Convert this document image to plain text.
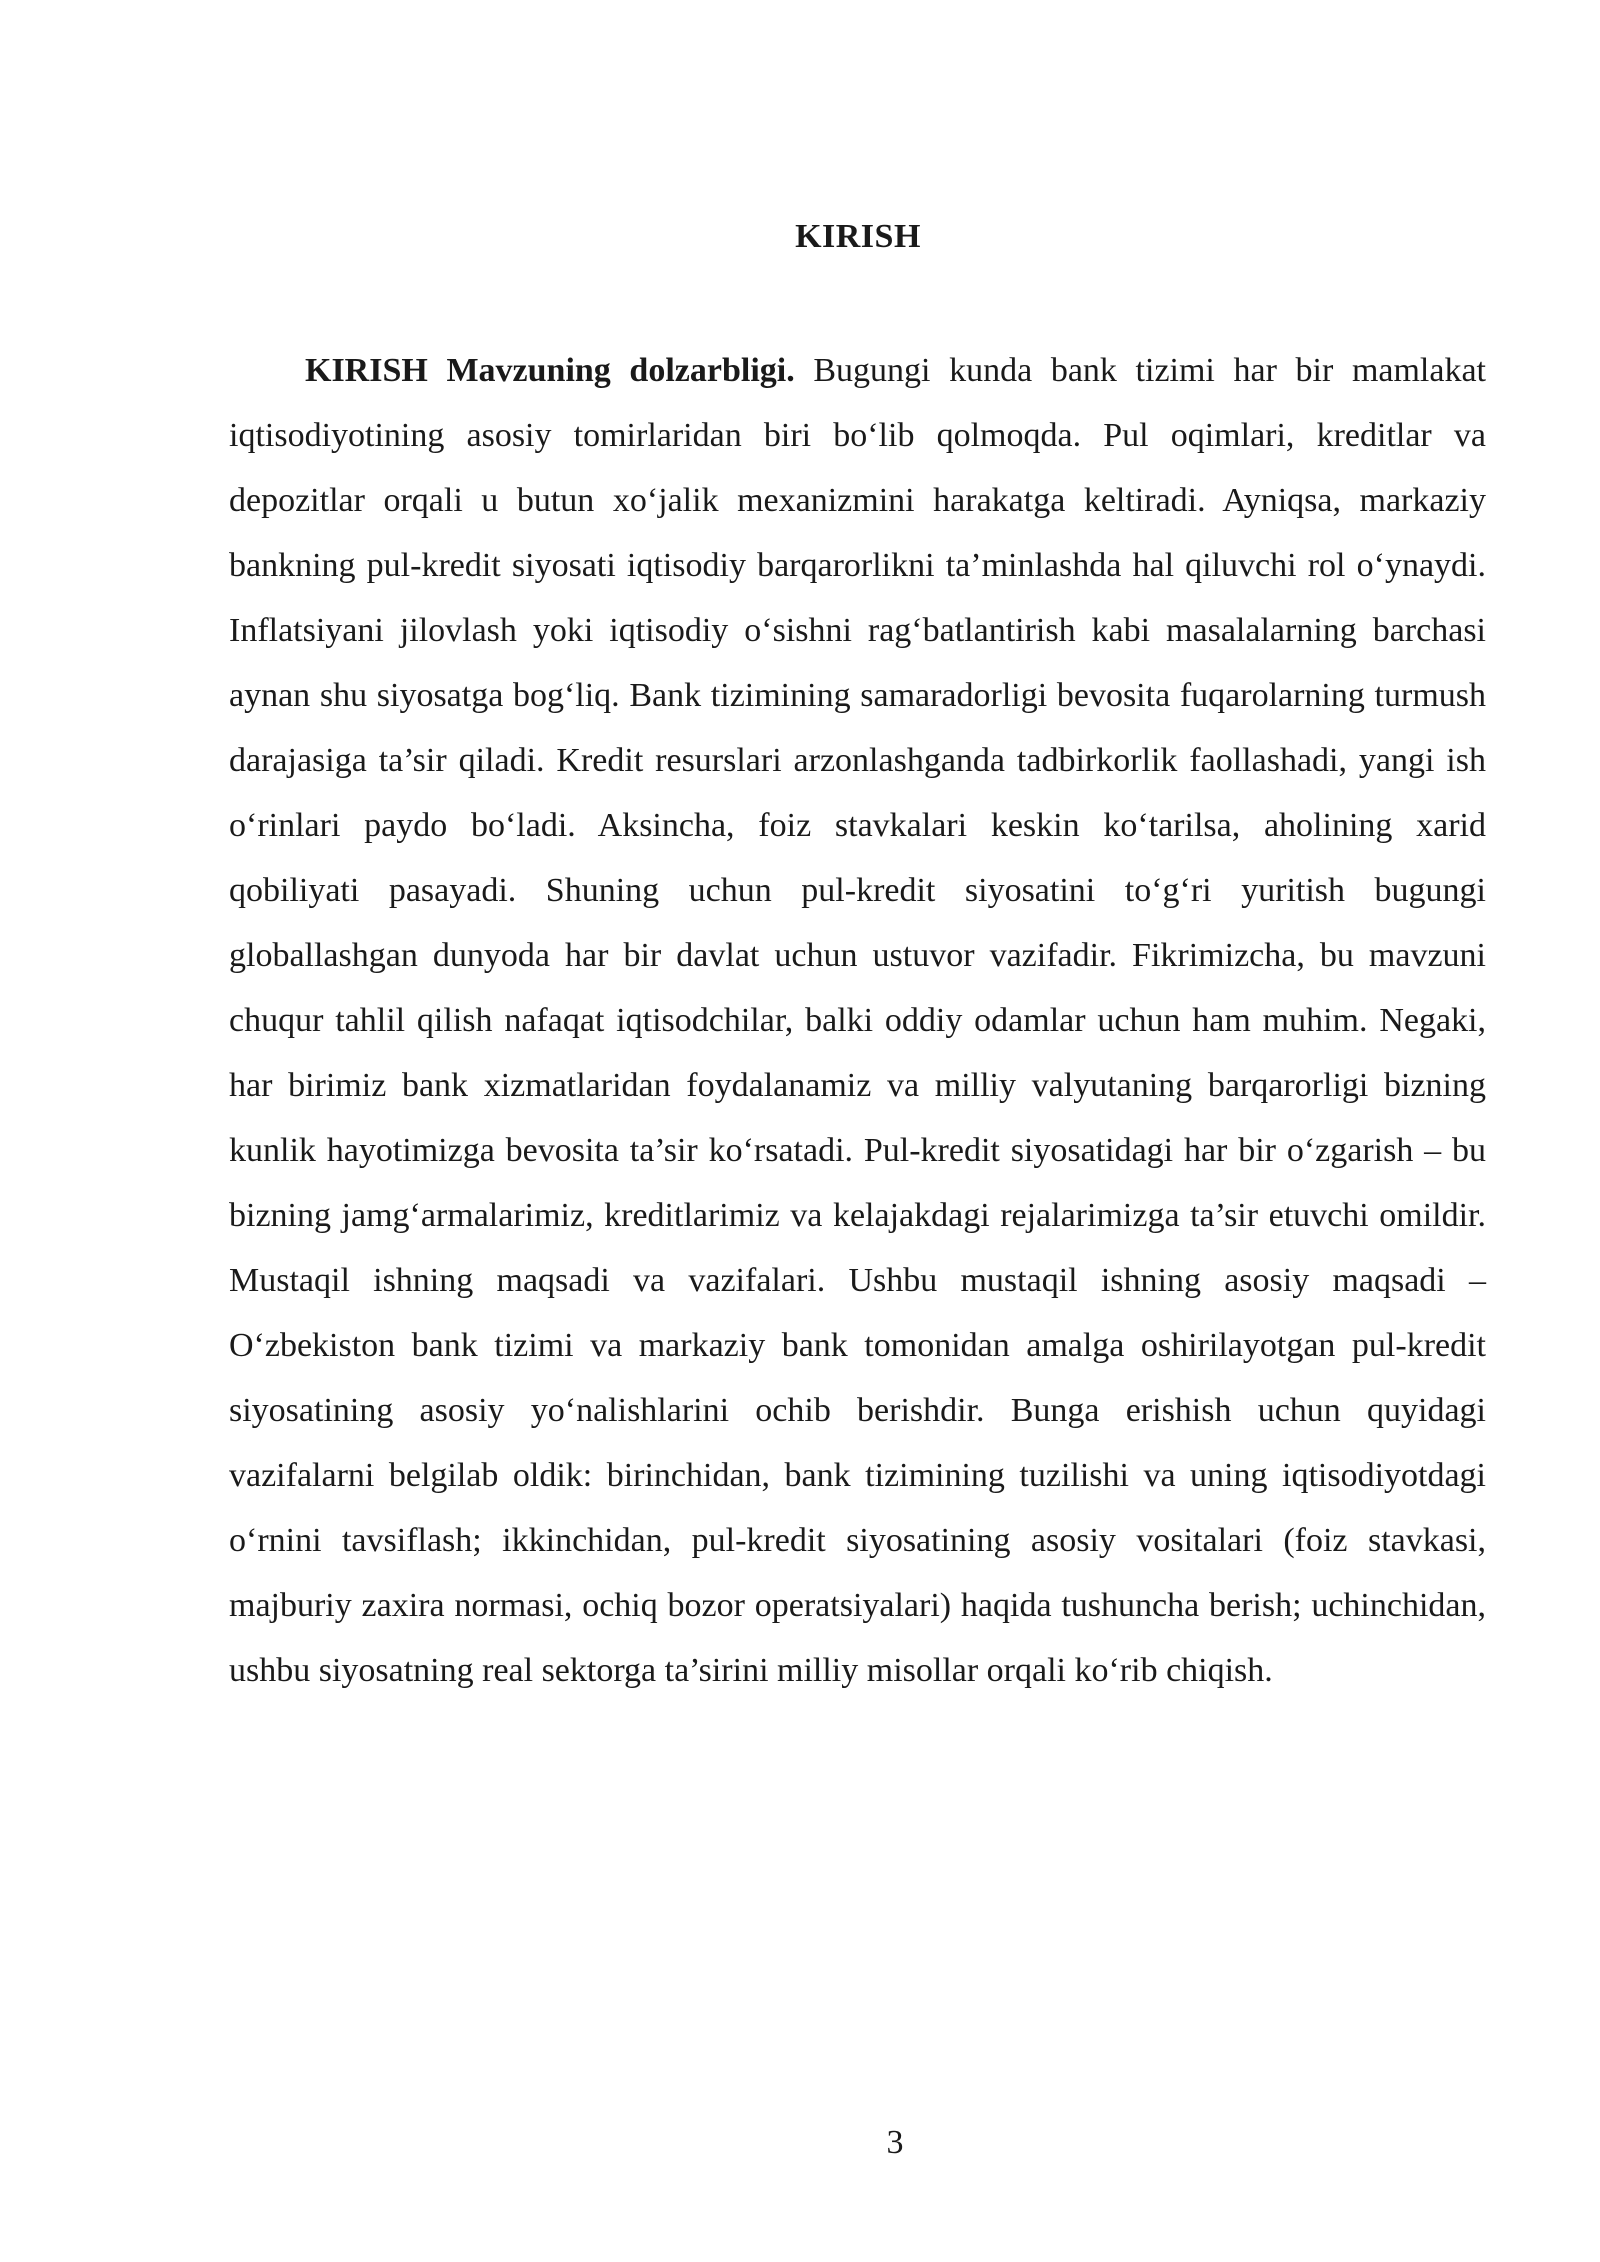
KIRISH

KIRISH Mavzuning dolzarbligi. Bugungi kunda bank tizimi har bir mamlakat iqtisodiyotining asosiy tomirlaridan biri bo‘lib qolmoqda. Pul oqimlari, kreditlar va depozitlar orqali u butun xo‘jalik mexanizmini harakatga keltiradi. Ayniqsa, markaziy bankning pul-kredit siyosati iqtisodiy barqarorlikni ta’minlashda hal qiluvchi rol o‘ynaydi. Inflatsiyani jilovlash yoki iqtisodiy o‘sishni rag‘batlantirish kabi masalalarning barchasi aynan shu siyosatga bog‘liq. Bank tizimining samaradorligi bevosita fuqarolarning turmush darajasiga ta’sir qiladi. Kredit resurslari arzonlashganda tadbirkorlik faollashadi, yangi ish o‘rinlari paydo bo‘ladi. Aksincha, foiz stavkalari keskin ko‘tarilsa, aholining xarid qobiliyati pasayadi. Shuning uchun pul-kredit siyosatini to‘g‘ri yuritish bugungi globallashgan dunyoda har bir davlat uchun ustuvor vazifadir. Fikrimizcha, bu mavzuni chuqur tahlil qilish nafaqat iqtisodchilar, balki oddiy odamlar uchun ham muhim. Negaki, har birimiz bank xizmatlaridan foydalanamiz va milliy valyutaning barqarorligi bizning kunlik hayotimizga bevosita ta’sir ko‘rsatadi. Pul-kredit siyosatidagi har bir o‘zgarish – bu bizning jamg‘armalarimiz, kreditlarimiz va kelajakdagi rejalarimizga ta’sir etuvchi omildir. Mustaqil ishning maqsadi va vazifalari. Ushbu mustaqil ishning asosiy maqsadi – O‘zbekiston bank tizimi va markaziy bank tomonidan amalga oshirilayotgan pul-kredit siyosatining asosiy yo‘nalishlarini ochib berishdir. Bunga erishish uchun quyidagi vazifalarni belgilab oldik: birinchidan, bank tizimining tuzilishi va uning iqtisodiyotdagi o‘rnini tavsiflash; ikkinchidan, pul-kredit siyosatining asosiy vositalari (foiz stavkasi, majburiy zaxira normasi, ochiq bozor operatsiyalari) haqida tushuncha berish; uchinchidan, ushbu siyosatning real sektorga ta’sirini milliy misollar orqali ko‘rib chiqish.

3
